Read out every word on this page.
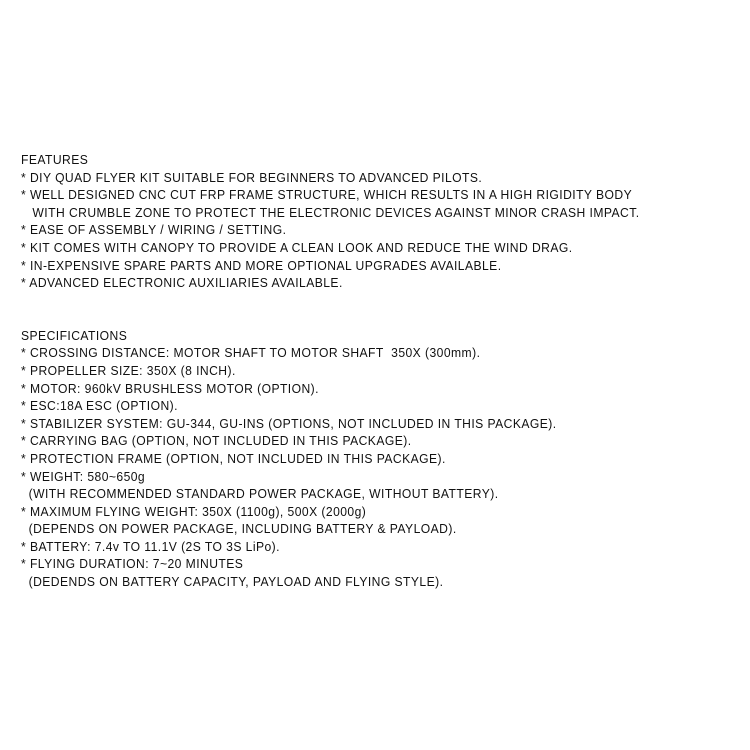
FEATURES
* DIY QUAD FLYER KIT SUITABLE FOR BEGINNERS TO ADVANCED PILOTS.
* WELL DESIGNED CNC CUT FRP FRAME STRUCTURE, WHICH RESULTS IN A HIGH RIGIDITY BODY
WITH CRUMBLE ZONE TO PROTECT THE ELECTRONIC DEVICES AGAINST MINOR CRASH IMPACT.
* EASE OF ASSEMBLY / WIRING / SETTING.
* KIT COMES WITH CANOPY TO PROVIDE A CLEAN LOOK AND REDUCE THE WIND DRAG.
* IN-EXPENSIVE SPARE PARTS AND MORE OPTIONAL UPGRADES AVAILABLE.
* ADVANCED ELECTRONIC AUXILIARIES AVAILABLE.
SPECIFICATIONS
* CROSSING DISTANCE: MOTOR SHAFT TO MOTOR SHAFT  350X (300mm).
* PROPELLER SIZE: 350X (8 INCH).
* MOTOR: 960kV BRUSHLESS MOTOR (OPTION).
* ESC:18A ESC (OPTION).
* STABILIZER SYSTEM: GU-344, GU-INS (OPTIONS, NOT INCLUDED IN THIS PACKAGE).
* CARRYING BAG (OPTION, NOT INCLUDED IN THIS PACKAGE).
* PROTECTION FRAME (OPTION, NOT INCLUDED IN THIS PACKAGE).
* WEIGHT: 580~650g
(WITH RECOMMENDED STANDARD POWER PACKAGE, WITHOUT BATTERY).
* MAXIMUM FLYING WEIGHT: 350X (1100g), 500X (2000g)
(DEPENDS ON POWER PACKAGE, INCLUDING BATTERY & PAYLOAD).
* BATTERY: 7.4v TO 11.1V (2S TO 3S LiPo).
* FLYING DURATION: 7~20 MINUTES
(DEDENDS ON BATTERY CAPACITY, PAYLOAD AND FLYING STYLE).
